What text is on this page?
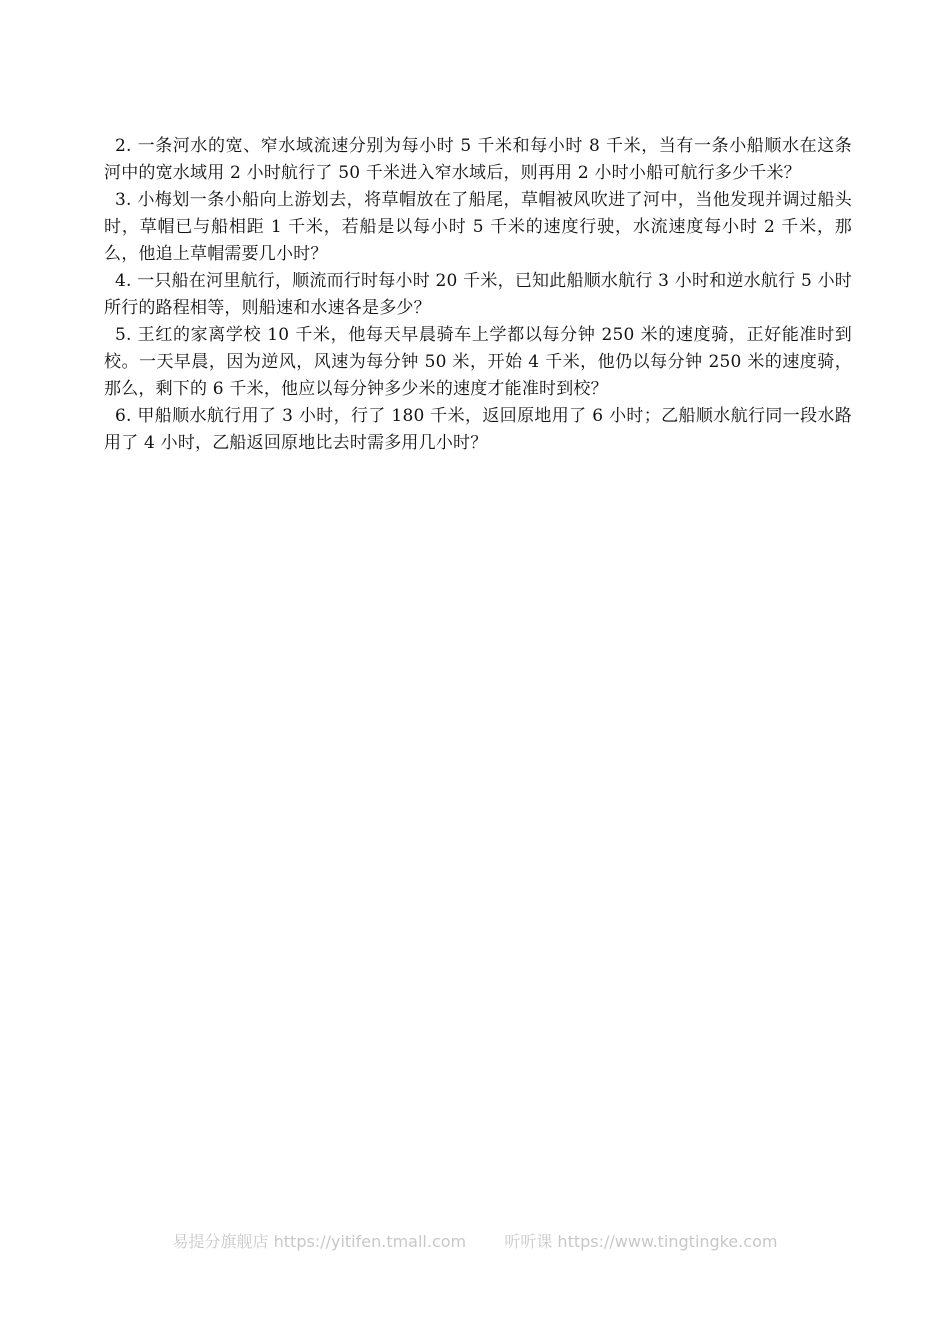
2. 一条河水的宽、窄水域流速分别为每小时 5 千米和每小时 8 千米，当有一条小船顺水在这条河中的宽水域用 2 小时航行了 50 千米进入窄水域后，则再用 2 小时小船可航行多少千米？

3. 小梅划一条小船向上游划去，将草帽放在了船尾，草帽被风吹进了河中，当他发现并调过船头时，草帽已与船相距 1 千米，若船是以每小时 5 千米的速度行驶，水流速度每小时 2 千米，那么，他追上草帽需要几小时？

4. 一只船在河里航行，顺流而行时每小时 20 千米，已知此船顺水航行 3 小时和逆水航行 5 小时所行的路程相等，则船速和水速各是多少？

5. 王红的家离学校 10 千米，他每天早晨骑车上学都以每分钟 250 米的速度骑，正好能准时到校。一天早晨，因为逆风，风速为每分钟 50 米，开始 4 千米，他仍以每分钟 250 米的速度骑，那么，剩下的 6 千米，他应以每分钟多少米的速度才能准时到校？

6. 甲船顺水航行用了 3 小时，行了 180 千米，返回原地用了 6 小时；乙船顺水航行同一段水路用了 4 小时，乙船返回原地比去时需多用几小时？

易提分旗舰店 https://yitifen.tmall.com 听听课 https://www.tingtingke.com
